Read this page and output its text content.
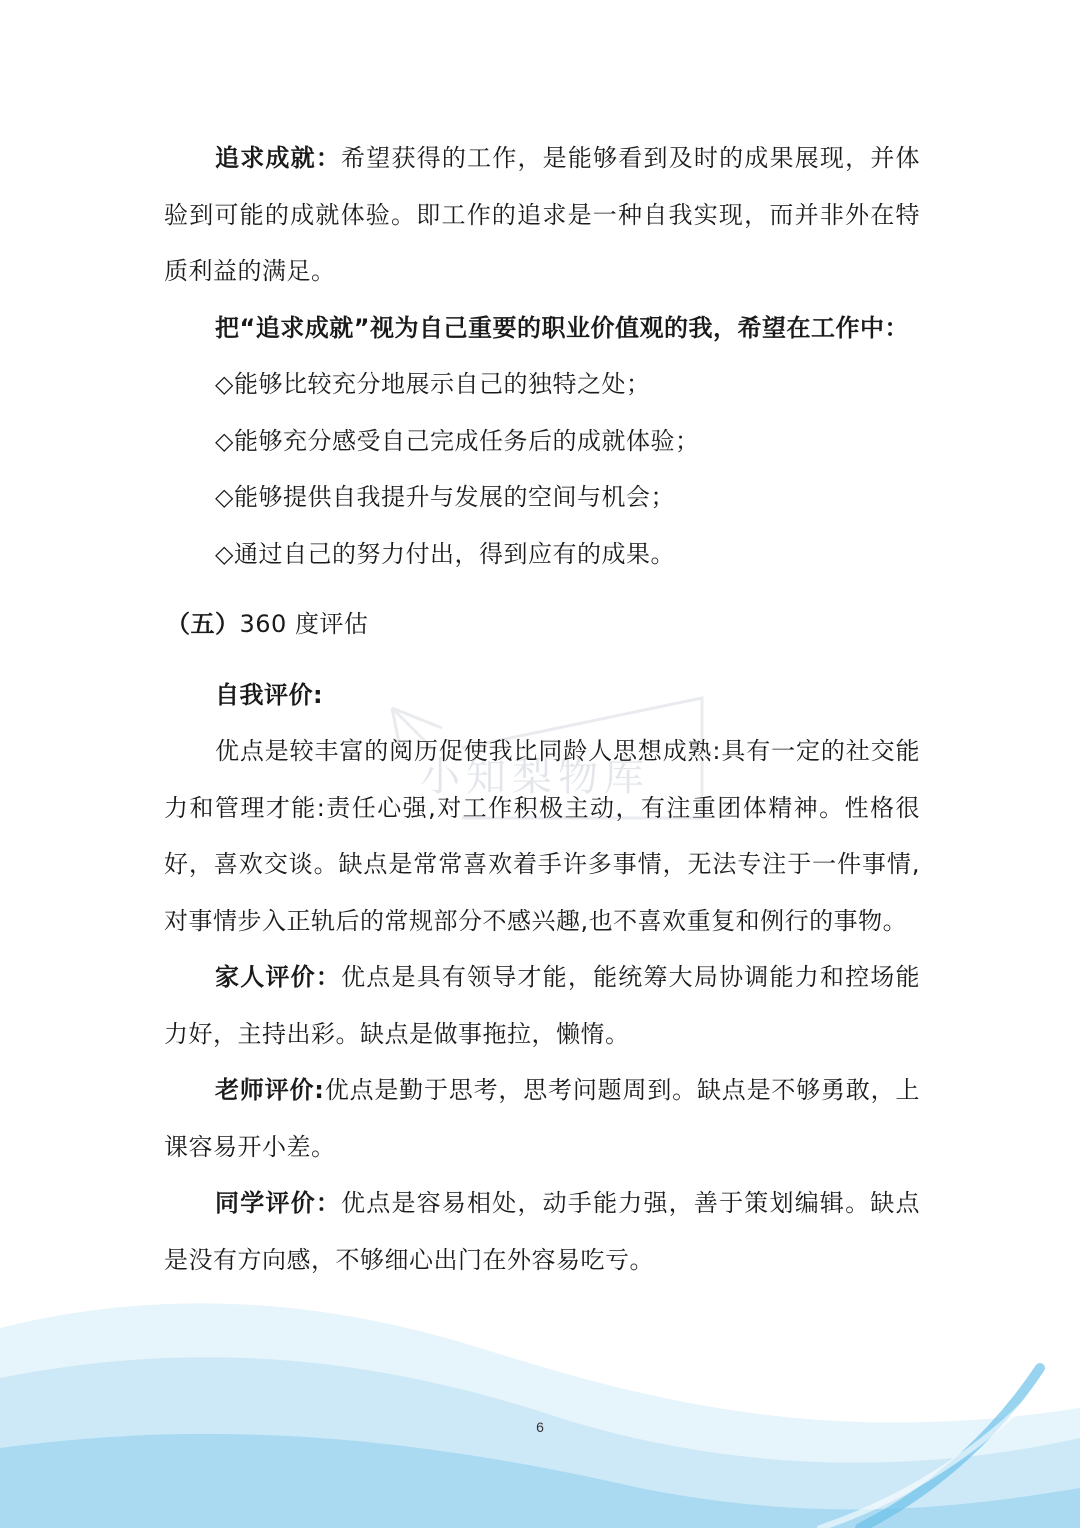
小知梨物库

追求成就：希望获得的工作，是能够看到及时的成果展现，并体验到可能的成就体验。即工作的追求是一种自我实现，而并非外在特质利益的满足。

把“追求成就”视为自己重要的职业价值观的我，希望在工作中：

◇能够比较充分地展示自己的独特之处；

◇能够充分感受自己完成任务后的成就体验；

◇能够提供自我提升与发展的空间与机会；

◇通过自己的努力付出，得到应有的成果。

（五）360 度评估

自我评价:

优点是较丰富的阅历促使我比同龄人思想成熟:具有一定的社交能力和管理才能:责任心强,对工作积极主动，有注重团体精神。性格很好，喜欢交谈。缺点是常常喜欢着手许多事情，无法专注于一件事情,对事情步入正轨后的常规部分不感兴趣,也不喜欢重复和例行的事物。

家人评价：优点是具有领导才能，能统筹大局协调能力和控场能力好，主持出彩。缺点是做事拖拉，懒惰。

老师评价:优点是勤于思考，思考问题周到。缺点是不够勇敢，上课容易开小差。

同学评价：优点是容易相处，动手能力强，善于策划编辑。缺点是没有方向感，不够细心出门在外容易吃亏。

6
